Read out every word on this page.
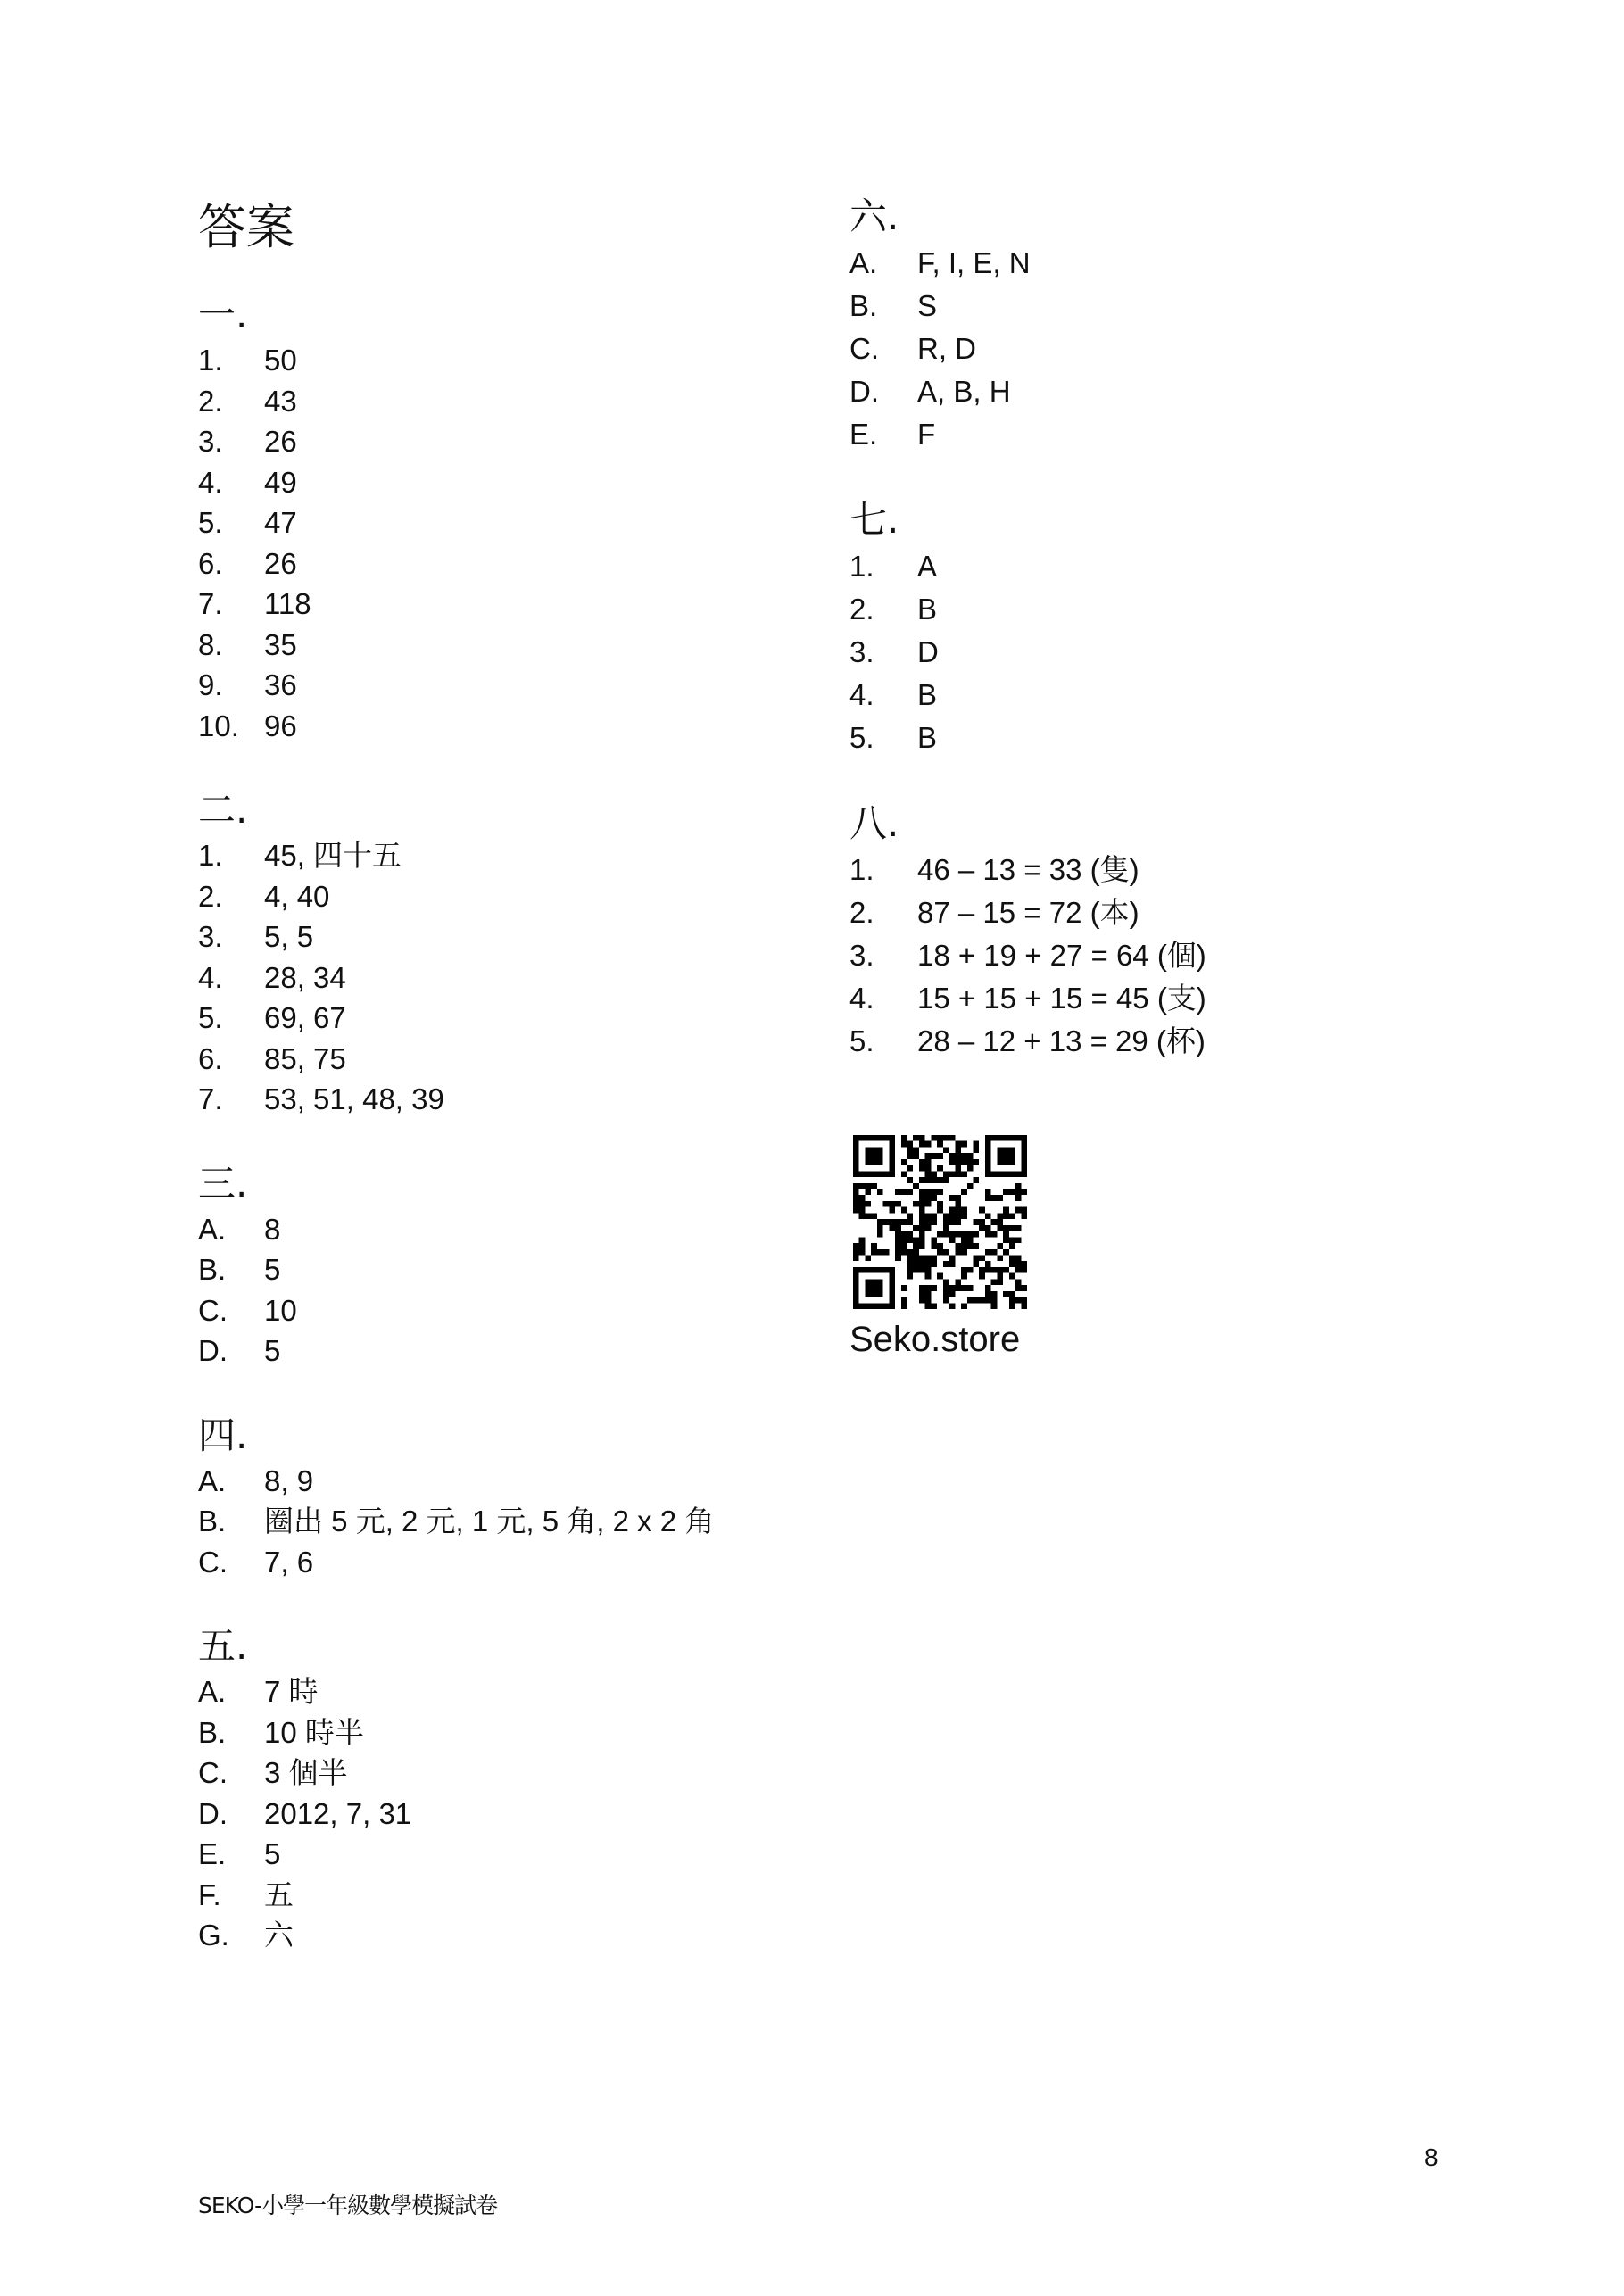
答案
一.
1.	50
2.	43
3.	26
4.	49
5.	47
6.	26
7.	118
8.	35
9.	36
10. 96
二.
1.	45, 四十五
2.	4, 40
3.	5, 5
4.	28, 34
5.	69, 67
6.	85, 75
7.	53, 51, 48, 39
三.
A.	8
B.	5
C.	10
D.	5
四.
A.	8, 9
B.	圈出 5 元, 2 元, 1 元, 5 角, 2 x 2 角
C.	7, 6
五.
A.	7 時
B.	10 時半
C.	3 個半
D.	2012, 7, 31
E.	5
F.	五
G.	六
六.
A.	F, I, E, N
B.	S
C.	R, D
D.	A, B, H
E.	F
七.
1.	A
2.	B
3.	D
4.	B
5.	B
八.
1.	46 – 13 = 33 (隻)
2.	87 – 15 = 72 (本)
3.	18 + 19 + 27 = 64 (個)
4.	15 + 15 + 15 = 45 (支)
5.	28 – 12 + 13 = 29 (杯)
Seko.store
8
SEKO-小學一年級數學模擬試卷
